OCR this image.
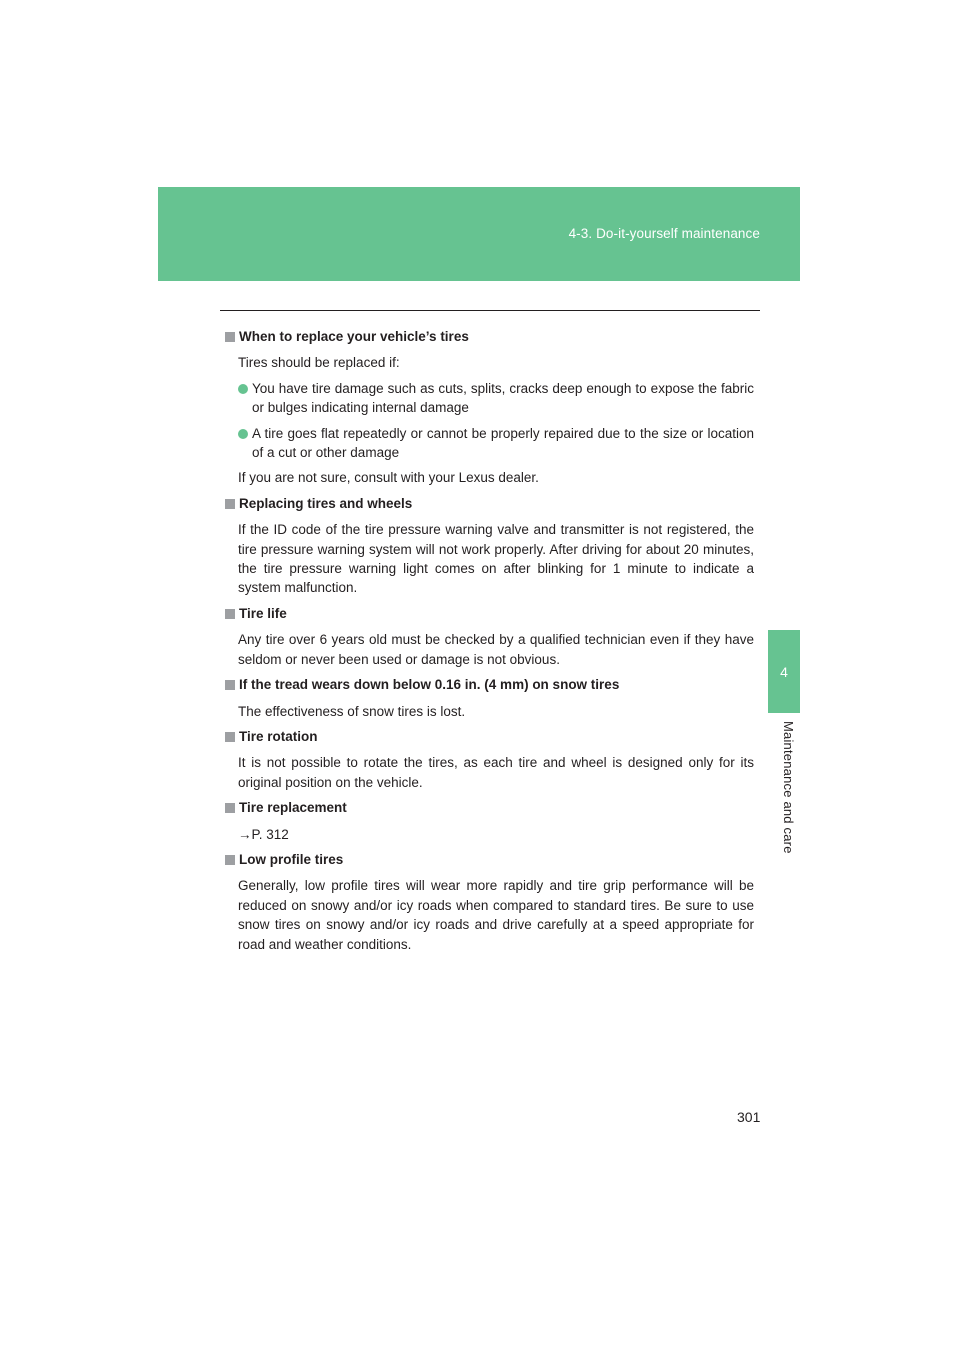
4-3. Do-it-yourself maintenance
4
Maintenance and care
When to replace your vehicle’s tires
Tires should be replaced if:
You have tire damage such as cuts, splits, cracks deep enough to expose the fabric or bulges indicating internal damage
A tire goes flat repeatedly or cannot be properly repaired due to the size or location of a cut or other damage
If you are not sure, consult with your Lexus dealer.
Replacing tires and wheels
If the ID code of the tire pressure warning valve and transmitter is not registered, the tire pressure warning system will not work properly. After driving for about 20 minutes, the tire pressure warning light comes on after blinking for 1 minute to indicate a system malfunction.
Tire life
Any tire over 6 years old must be checked by a qualified technician even if they have seldom or never been used or damage is not obvious.
If the tread wears down below 0.16 in. (4 mm) on snow tires
The effectiveness of snow tires is lost.
Tire rotation
It is not possible to rotate the tires, as each tire and wheel is designed only for its original position on the vehicle.
Tire replacement
→P. 312
Low profile tires
Generally, low profile tires will wear more rapidly and tire grip performance will be reduced on snowy and/or icy roads when compared to standard tires. Be sure to use snow tires on snowy and/or icy roads and drive carefully at a speed appropriate for road and weather conditions.
301
